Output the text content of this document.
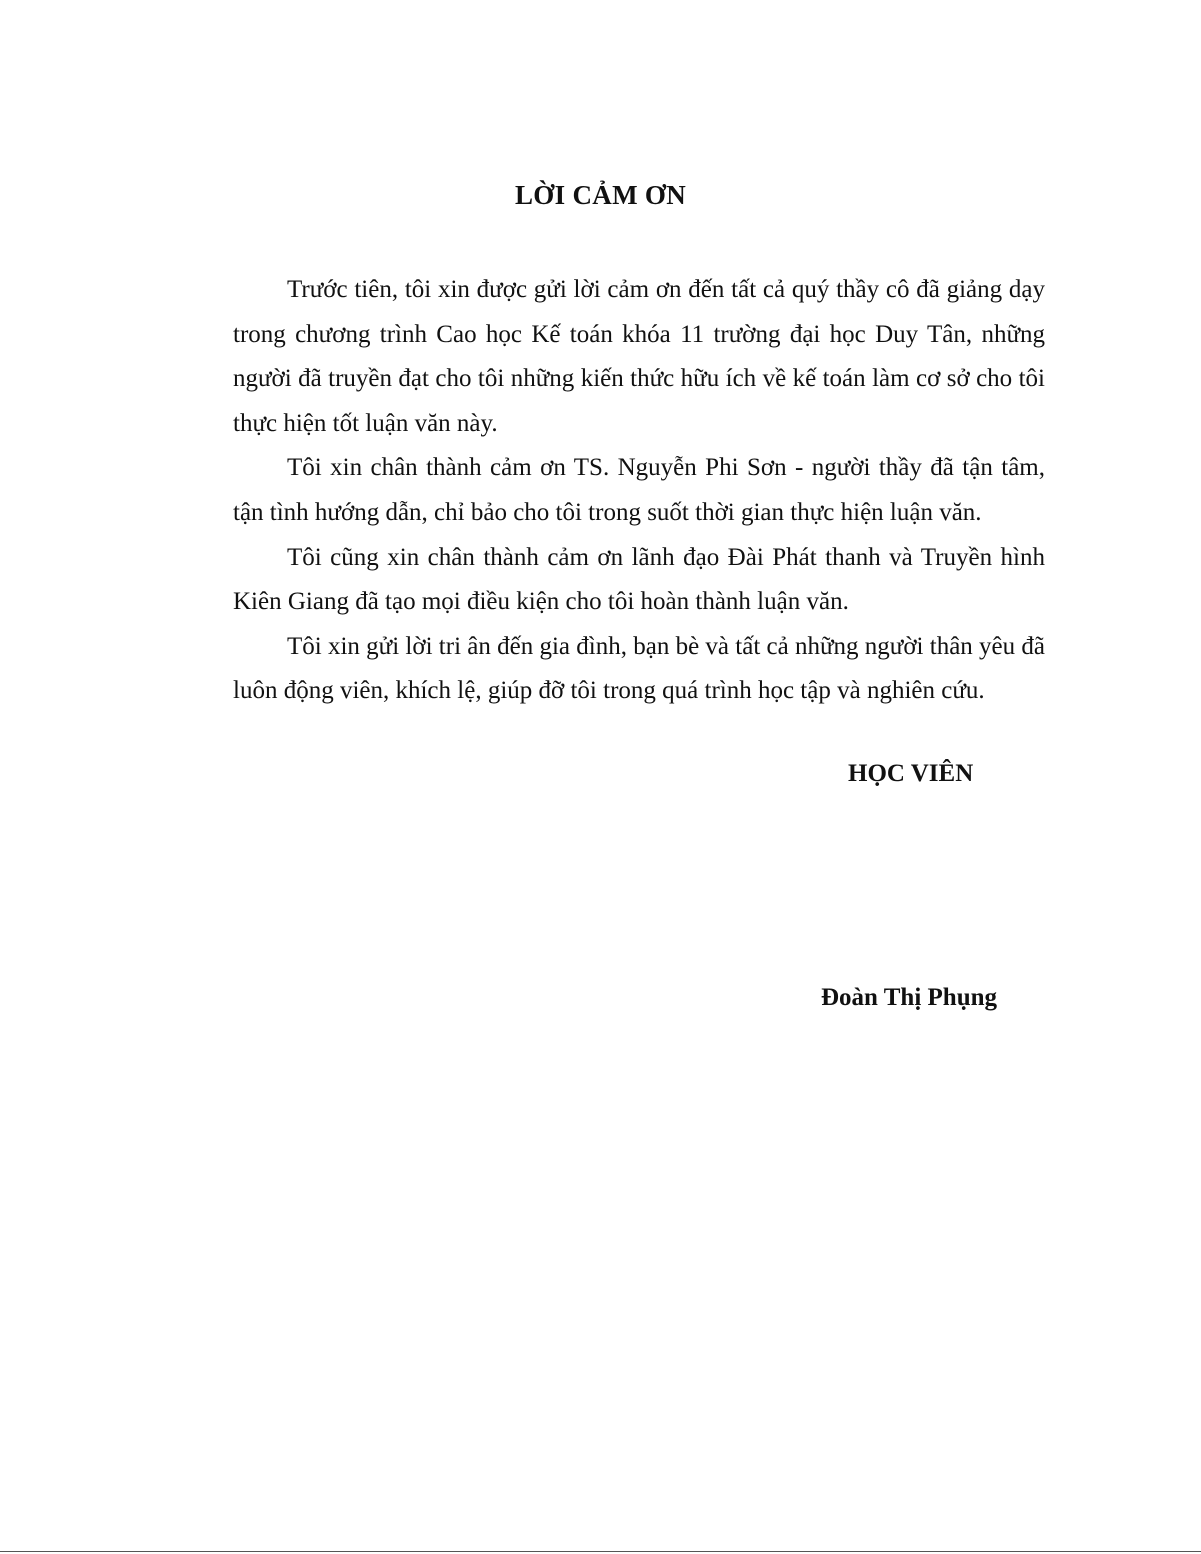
LỜI CẢM ƠN

Trước tiên, tôi xin được gửi lời cảm ơn đến tất cả quý thầy cô đã giảng dạy trong chương trình Cao học Kế toán khóa 11 trường đại học Duy Tân, những người đã truyền đạt cho tôi những kiến thức hữu ích về kế toán làm cơ sở cho tôi thực hiện tốt luận văn này.

Tôi xin chân thành cảm ơn TS. Nguyễn Phi Sơn - người thầy đã tận tâm, tận tình hướng dẫn, chỉ bảo cho tôi trong suốt thời gian thực hiện luận văn.

Tôi cũng xin chân thành cảm ơn lãnh đạo Đài Phát thanh và Truyền hình Kiên Giang đã tạo mọi điều kiện cho tôi hoàn thành luận văn.

Tôi xin gửi lời tri ân đến gia đình, bạn bè và tất cả những người thân yêu đã luôn động viên, khích lệ, giúp đỡ tôi trong quá trình học tập và nghiên cứu.

HỌC VIÊN
Đoàn Thị Phụng
